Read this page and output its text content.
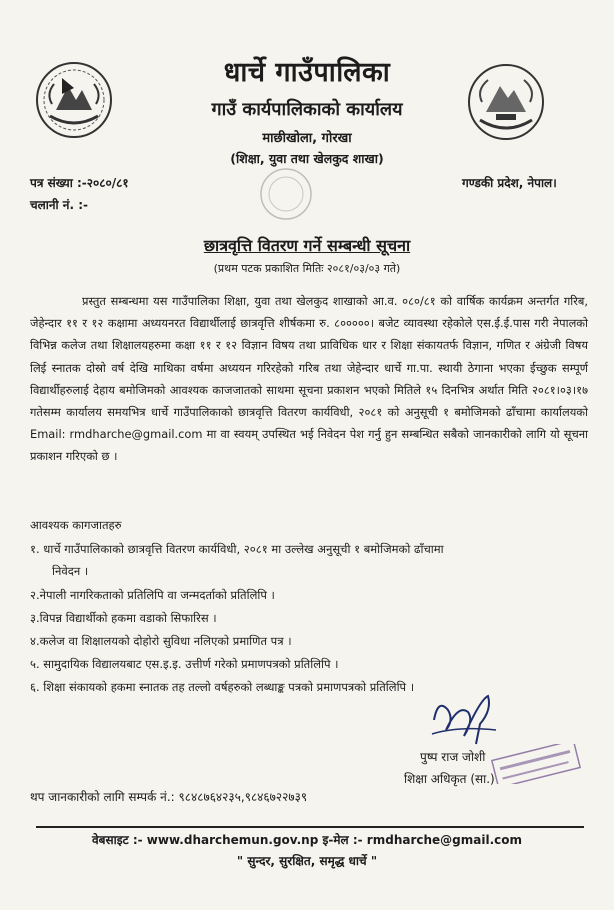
धार्चे गाउँपालिका
गाउँ कार्यपालिकाको कार्यालय
माछीखोला, गोरखा
(शिक्षा, युवा तथा खेलकुद शाखा)
पत्र संख्या :-२०८०/८१
चलानी नं. :-
गण्डकी प्रदेश, नेपाल।
छात्रवृत्ति वितरण गर्ने सम्बन्धी सूचना
(प्रथम पटक प्रकाशित मितिः २०८१/०३/०३ गते)

प्रस्तुत सम्बन्धमा यस गाउँपालिका शिक्षा, युवा तथा खेलकुद शाखाको आ.व. ०८०/८१ को वार्षिक कार्यक्रम अन्तर्गत गरिब, जेहेन्दार ११ र १२ कक्षामा अध्ययनरत विद्यार्थीलाई छात्रवृत्ति शीर्षकमा रु. ८०००००। बजेट व्यावस्था रहेकोले एस.ई.ई.पास गरी नेपालको विभिन्न कलेज तथा शिक्षालयहरुमा कक्षा ११ र १२ विज्ञान विषय तथा प्राविधिक धार र शिक्षा संकायतर्फ विज्ञान, गणित र अंग्रेजी विषय लिई स्नातक दोस्रो वर्ष देखि माथिका वर्षमा अध्ययन गरिरहेको गरिब तथा जेहेन्दार धार्चे गा.पा. स्थायी ठेगाना भएका ईच्छुक सम्पूर्ण विद्यार्थीहरुलाई देहाय बमोजिमको आवश्यक काजजातको साथमा सूचना प्रकाशन भएको मितिले १५ दिनभित्र अर्थात मिति २०८१।०३।१७ गतेसम्म कार्यालय समयभित्र धार्चे गाउँपालिकाको छात्रवृत्ति वितरण कार्यविधी, २०८१ को अनुसूची १ बमोजिमको ढाँचामा कार्यालयको Email: rmdharche@gmail.com मा वा स्वयम् उपस्थित भई निवेदन पेश गर्नु हुन सम्बन्धित सबैको जानकारीको लागि यो सूचना प्रकाशन गरिएको छ ।

आवश्यक कागजातहरु
१. धार्चे गाउँपालिकाको छात्रवृत्ति वितरण कार्यविधी, २०८१ मा उल्लेख अनुसूची १ बमोजिमको ढाँचामा
निवेदन ।
२.नेपाली नागरिकताको प्रतिलिपि वा जन्मदर्ताको प्रतिलिपि ।
३.विपन्न विद्यार्थीको हकमा वडाको सिफारिस ।
४.कलेज वा शिक्षालयको दोहोरो सुविधा नलिएको प्रमाणित पत्र ।
५. सामुदायिक विद्यालयबाट एस.इ.इ. उत्तीर्ण गरेको प्रमाणपत्रको प्रतिलिपि ।
६. शिक्षा संकायको हकमा स्नातक तह तल्लो वर्षहरुको लब्धाङ्क पत्रको प्रमाणपत्रको प्रतिलिपि ।
पुष्प राज जोशी
शिक्षा अधिकृत (सा.)
थप जानकारीको लागि सम्पर्क नं.: ९८४८७६४२३५,९८४६७२२७३९
वेबसाइट :- www.dharchemun.gov.np इ-मेल :- rmdharche@gmail.com
" सुन्दर, सुरक्षित, समृद्ध धार्चे "
